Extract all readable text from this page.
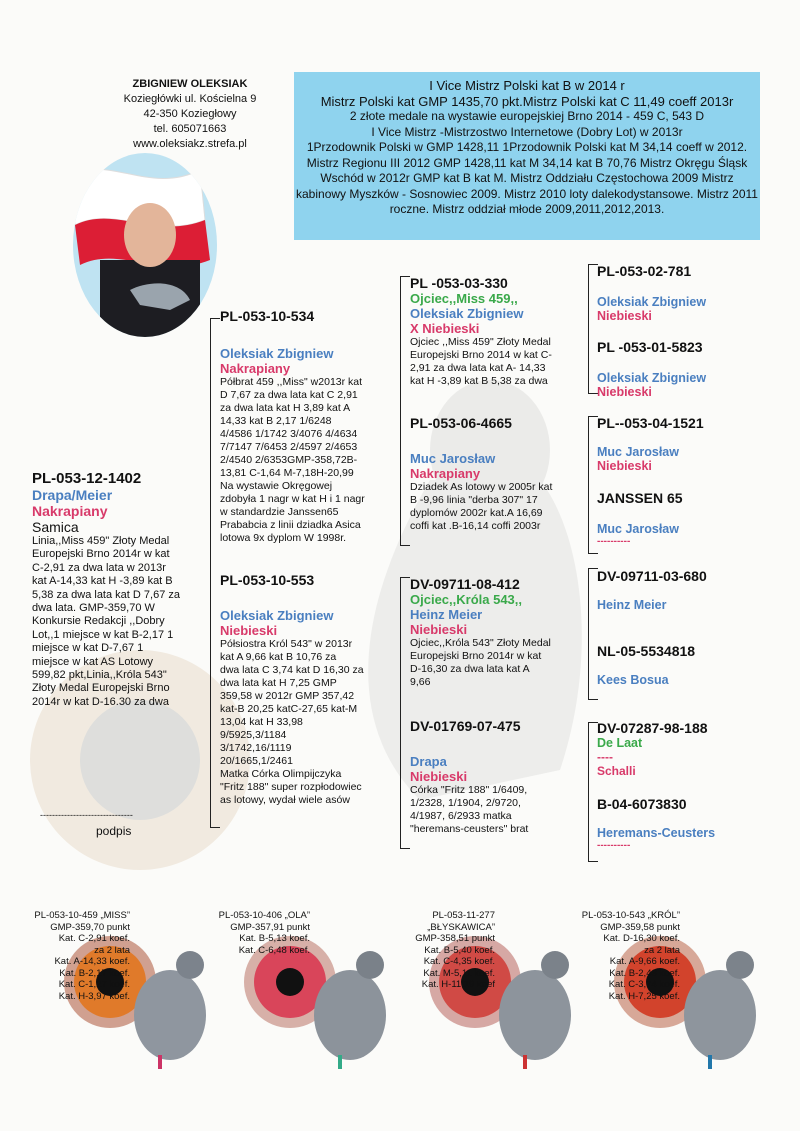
ZBIGNIEW OLEKSIAK
Koziegłówki ul. Kościelna 9
42-350 Koziegłowy
tel. 605071663
www.oleksiakz.strefa.pl
I Vice Mistrz Polski kat B w 2014 r
Mistrz Polski kat GMP 1435,70 pkt.Mistrz Polski kat C 11,49 coeff 2013r
2 złote medale na wystawie europejskiej Brno 2014 - 459 C, 543 D
I Vice Mistrz -Mistrzostwo Internetowe (Dobry Lot) w 2013r
1Przodownik Polski w GMP 1428,11 1Przodownik Polski kat M 34,14 coeff w 2012.
Mistrz Regionu III 2012 GMP 1428,11 kat M 34,14 kat B 70,76 Mistrz Okręgu Śląsk
Wschód w 2012r GMP kat B kat M. Mistrz Oddziału Częstochowa 2009 Mistrz
kabinowy Myszków - Sosnowiec 2009. Mistrz 2010 loty dalekodystansowe. Mistrz 2011
roczne. Mistrz oddział młode 2009,2011,2012,2013.
PL-053-12-1402
Drapa/Meier
Nakrapiany
Samica
Linia,,Miss 459" Złoty Medal
Europejski Brno 2014r w kat
C-2,91 za dwa lata w 2013r
kat A-14,33 kat H -3,89 kat B
5,38 za dwa lata kat D 7,67 za
dwa lata. GMP-359,70 W
Konkursie Redakcji ,,Dobry
Lot,,1 miejsce w kat B-2,17 1
miejsce w kat D-7,67 1
miejsce w kat AS Lotowy
599,82 pkt,Linia,,Króla 543"
Złoty Medal Europejski Brno
2014r w kat D-16.30 za dwa
-------------------------------
podpis
PL-053-10-534
Oleksiak Zbigniew
Nakrapiany
Półbrat 459 ,,Miss" w2013r kat
D 7,67 za dwa lata kat C 2,91
za dwa lata kat H 3,89 kat A
14,33 kat B 2,17 1/6248
4/4586 1/1742 3/4076 4/4634
7/7147 7/6453 2/4597 2/4653
2/4540 2/6353GMP-358,72B-
13,81 C-1,64 M-7,18H-20,99
Na wystawie Okręgowej
zdobyła 1 nagr w kat H i 1 nagr
w standardzie Janssen65
Prababcia z linii dziadka Asica
lotowa 9x dyplom W 1998r.
PL-053-10-553
Oleksiak Zbigniew
Niebieski
Półsiostra Król 543" w 2013r
kat A 9,66 kat B 10,76 za
dwa lata C 3,74 kat D 16,30 za
dwa lata kat H 7,25 GMP
359,58 w 2012r GMP 357,42
kat-B 20,25 katC-27,65 kat-M
13,04 kat H 33,98
9/5925,3/1184
3/1742,16/1119
20/1665,1/2461
Matka Córka Olimpijczyka
"Fritz 188" super rozpłodowiec
as lotowy, wydał wiele asów
PL -053-03-330
Ojciec,,Miss 459,,
Oleksiak Zbigniew
X Niebieski
Ojciec ,,Miss 459" Złoty Medal
Europejski Brno 2014 w kat C-
2,91 za dwa lata kat A- 14,33
kat H -3,89 kat B 5,38 za dwa
PL-053-06-4665
Muc Jarosław
Nakrapiany
Dziadek As lotowy w 2005r kat
B -9,96 linia "derba 307" 17
dyplomów 2002r kat.A 16,69
coffi kat .B-16,14 coffi 2003r
DV-09711-08-412
Ojciec,,Króla 543,,
Heinz Meier
Niebieski
Ojciec,,Króla 543" Złoty Medal
Europejski Brno 2014r w kat
D-16,30 za dwa lata kat A
9,66
DV-01769-07-475
Drapa
Niebieski
Córka "Fritz 188" 1/6409,
1/2328, 1/1904, 2/9720,
4/1987, 6/2933 matka
"heremans-ceusters" brat
PL-053-02-781
Oleksiak Zbigniew
Niebieski
PL -053-01-5823
Oleksiak Zbigniew
Niebieski
PL--053-04-1521
Muc Jarosław
Niebieski
JANSSEN 65
Muc Jarosław
----------
DV-09711-03-680
Heinz Meier
NL-05-5534818
Kees Bosua
DV-07287-98-188
De Laat
----
Schalli
B-04-6073830
Heremans-Ceusters
----------
PL-053-10-459 „MISS”
GMP-359,70 punkt
Kat. C-2,91 koef.
za 2 lata
Kat. A-14,33 koef.
Kat. B-2,17 koef.
Kat. C-1,27 koef.
Kat. H-3,97 koef.
PL-053-10-406 „OLA”
GMP-357,91 punkt
Kat. B-5,13 koef.
Kat. C-6,48 koef.
PL-053-11-277 „BŁYSKAWICA”
GMP-358,51 punkt
Kat. B-5,40 koef.
Kat. C-4,35 koef.
Kat. M-5,11 koef.
Kat. H-11,19 koef
PL-053-10-543 „KRÓL”
GMP-359,58 punkt
Kat. D-16,30 koef.
za 2 lata
Kat. A-9,66 koef.
Kat. B-2,43 koef.
Kat. C-3,74 koef.
Kat. H-7,25 koef.
